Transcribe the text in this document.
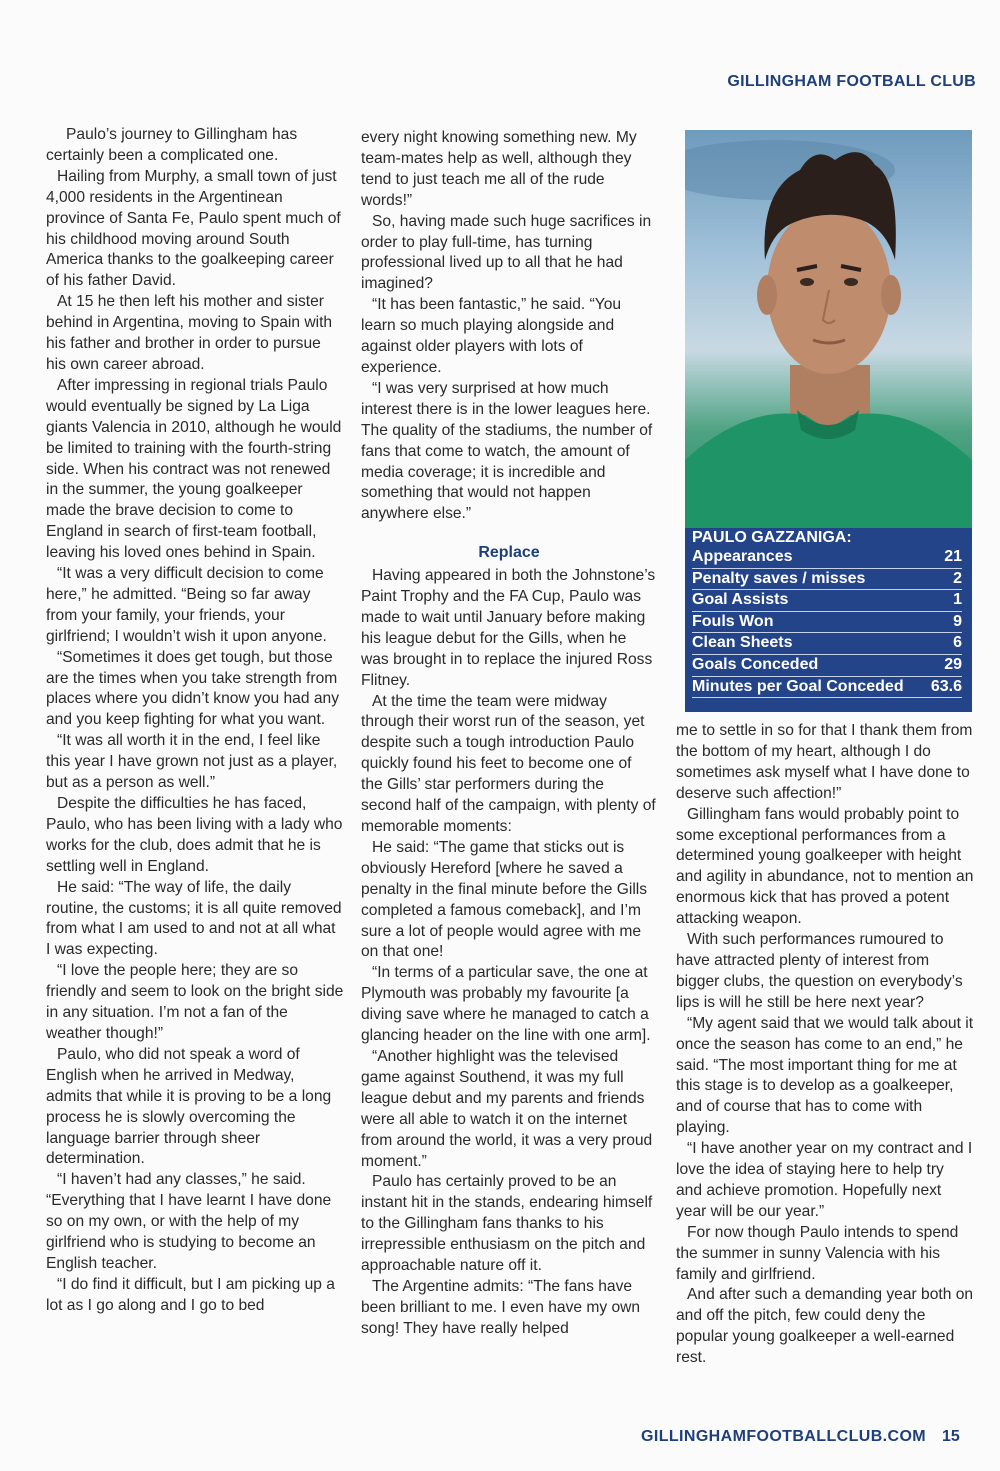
GILLINGHAM FOOTBALL CLUB

Paulo’s journey to Gillingham has certainly been a complicated one.

Hailing from Murphy, a small town of just 4,000 residents in the Argentinean province of Santa Fe, Paulo spent much of his childhood moving around South America thanks to the goalkeeping career of his father David.

At 15 he then left his mother and sister behind in Argentina, moving to Spain with his father and brother in order to pursue his own career abroad.

After impressing in regional trials Paulo would eventually be signed by La Liga giants Valencia in 2010, although he would be limited to training with the fourth-string side. When his contract was not renewed in the summer, the young goalkeeper made the brave decision to come to England in search of first-team football, leaving his loved ones behind in Spain.

“It was a very difficult decision to come here,” he admitted. “Being so far away from your family, your friends, your girlfriend; I wouldn’t wish it upon anyone.

“Sometimes it does get tough, but those are the times when you take strength from places where you didn’t know you had any and you keep fighting for what you want.

“It was all worth it in the end, I feel like this year I have grown not just as a player, but as a person as well.”

Despite the difficulties he has faced, Paulo, who has been living with a lady who works for the club, does admit that he is settling well in England.

He said: “The way of life, the daily routine, the customs; it is all quite removed from what I am used to and not at all what I was expecting.

“I love the people here; they are so friendly and seem to look on the bright side in any situation. I’m not a fan of the weather though!”

Paulo, who did not speak a word of English when he arrived in Medway, admits that while it is proving to be a long process he is slowly overcoming the language barrier through sheer determination.

“I haven’t had any classes,” he said. “Everything that I have learnt I have done so on my own, or with the help of my girlfriend who is studying to become an English teacher.

“I do find it difficult, but I am picking up a lot as I go along and I go to bed

every night knowing something new. My team-mates help as well, although they tend to just teach me all of the rude words!”

So, having made such huge sacrifices in order to play full-time, has turning professional lived up to all that he had imagined?

“It has been fantastic,” he said. “You learn so much playing alongside and against older players with lots of experience.

“I was very surprised at how much interest there is in the lower leagues here. The quality of the stadiums, the number of fans that come to watch, the amount of media coverage; it is incredible and something that would not happen anywhere else.”

Replace

Having appeared in both the Johnstone’s Paint Trophy and the FA Cup, Paulo was made to wait until January before making his league debut for the Gills, when he was brought in to replace the injured Ross Flitney.

At the time the team were midway through their worst run of the season, yet despite such a tough introduction Paulo quickly found his feet to become one of the Gills’ star performers during the second half of the campaign, with plenty of memorable moments:

He said: “The game that sticks out is obviously Hereford [where he saved a penalty in the final minute before the Gills completed a famous comeback], and I’m sure a lot of people would agree with me on that one!

“In terms of a particular save, the one at Plymouth was probably my favourite [a diving save where he managed to catch a glancing header on the line with one arm].

“Another highlight was the televised game against Southend, it was my full league debut and my parents and friends were all able to watch it on the internet from around the world, it was a very proud moment.”

Paulo has certainly proved to be an instant hit in the stands, endearing himself to the Gillingham fans thanks to his irrepressible enthusiasm on the pitch and approachable nature off it.

The Argentine admits: “The fans have been brilliant to me. I even have my own song! They have really helped

PAULO GAZZANIGA:
Appearances	21
Penalty saves / misses	2
Goal Assists	1
Fouls Won	9
Clean Sheets	6
Goals Conceded	29
Minutes per Goal Conceded 63.6

me to settle in so for that I thank them from the bottom of my heart, although I do sometimes ask myself what I have done to deserve such affection!”

Gillingham fans would probably point to some exceptional performances from a determined young goalkeeper with height and agility in abundance, not to mention an enormous kick that has proved a potent attacking weapon.

With such performances rumoured to have attracted plenty of interest from bigger clubs, the question on everybody’s lips is will he still be here next year?

“My agent said that we would talk about it once the season has come to an end,” he said. “The most important thing for me at this stage is to develop as a goalkeeper, and of course that has to come with playing.

“I have another year on my contract and I love the idea of staying here to help try and achieve promotion. Hopefully next year will be our year.”

For now though Paulo intends to spend the summer in sunny Valencia with his family and girlfriend.

And after such a demanding year both on and off the pitch, few could deny the popular young goalkeeper a well-earned rest.

GILLINGHAMFOOTBALLCLUB.COM 15
